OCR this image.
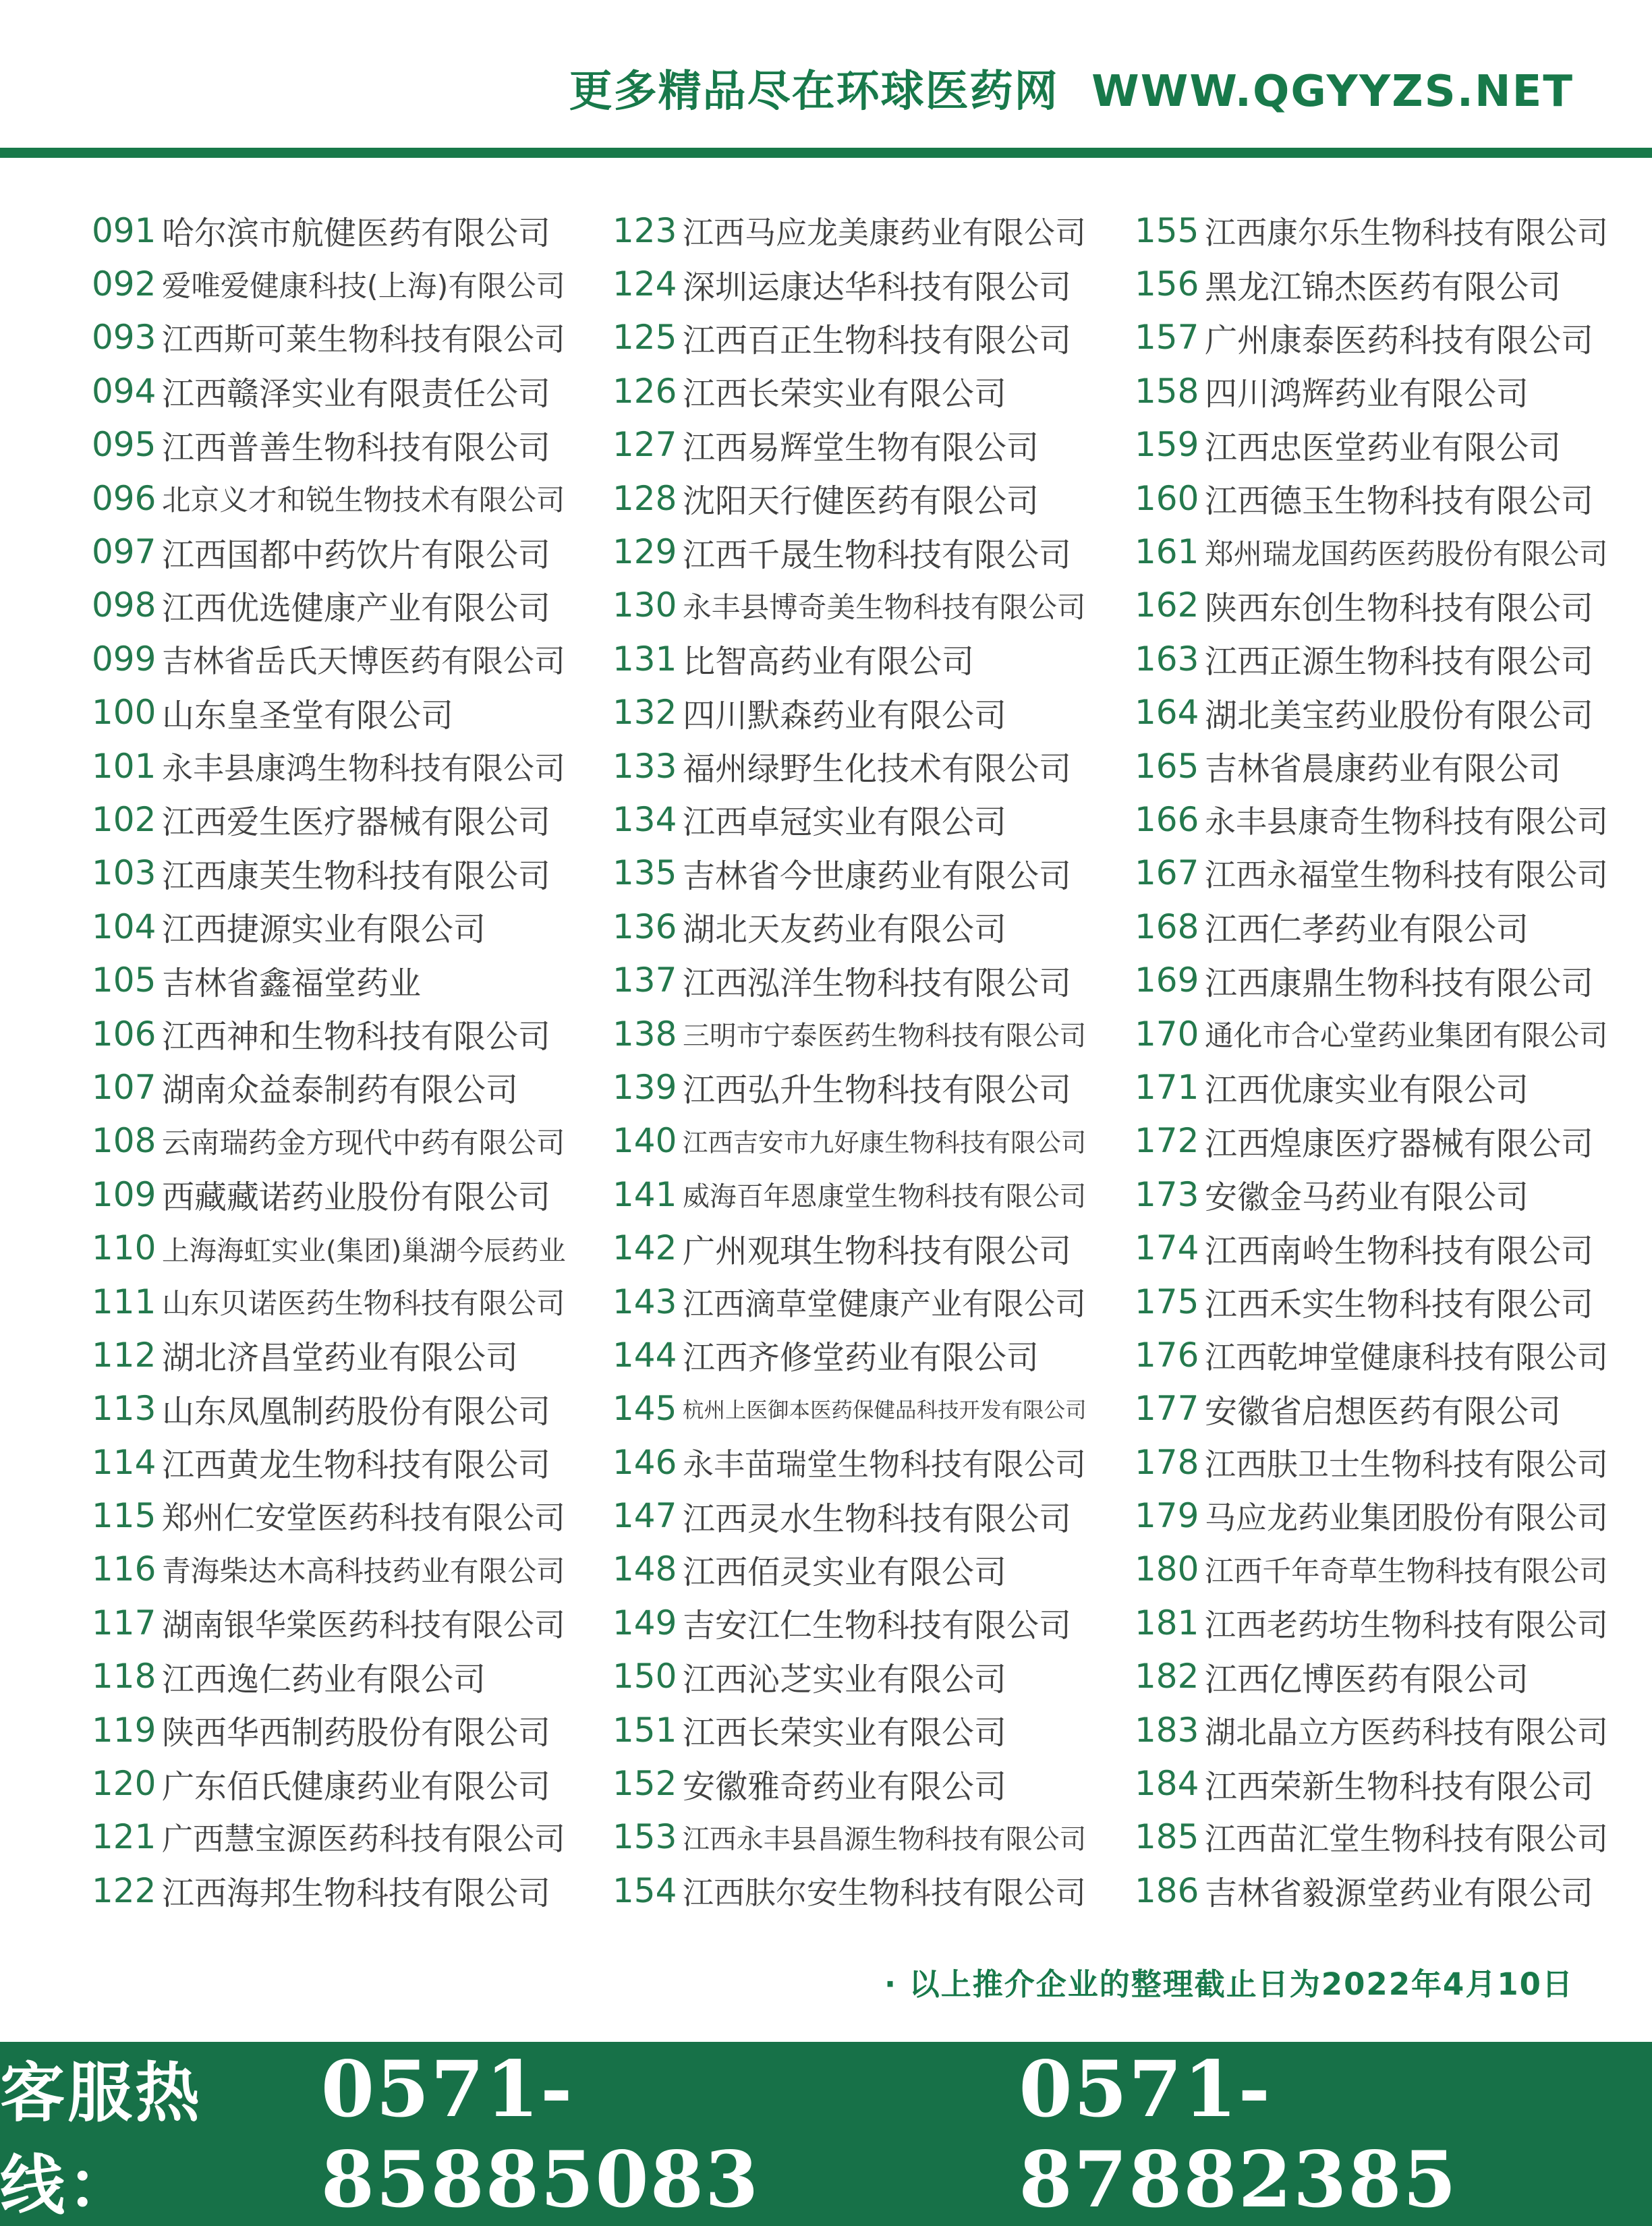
更多精品尽在环球医药网  WWW.QGYYZS.NET
091 哈尔滨市航健医药有限公司
092 爱唯爱健康科技(上海)有限公司
093 江西斯可莱生物科技有限公司
094 江西赣泽实业有限责任公司
095 江西普善生物科技有限公司
096 北京义才和锐生物技术有限公司
097 江西国都中药饮片有限公司
098 江西优选健康产业有限公司
099 吉林省岳氏天博医药有限公司
100 山东皇圣堂有限公司
101 永丰县康鸿生物科技有限公司
102 江西爱生医疗器械有限公司
103 江西康芙生物科技有限公司
104 江西捷源实业有限公司
105 吉林省鑫福堂药业
106 江西神和生物科技有限公司
107 湖南众益泰制药有限公司
108 云南瑞药金方现代中药有限公司
109 西藏藏诺药业股份有限公司
110 上海海虹实业(集团)巢湖今辰药业
111 山东贝诺医药生物科技有限公司
112 湖北济昌堂药业有限公司
113 山东凤凰制药股份有限公司
114 江西黄龙生物科技有限公司
115 郑州仁安堂医药科技有限公司
116 青海柴达木高科技药业有限公司
117 湖南银华棠医药科技有限公司
118 江西逸仁药业有限公司
119 陕西华西制药股份有限公司
120 广东佰氏健康药业有限公司
121 广西慧宝源医药科技有限公司
122 江西海邦生物科技有限公司
123 江西马应龙美康药业有限公司
124 深圳运康达华科技有限公司
125 江西百正生物科技有限公司
126 江西长荣实业有限公司
127 江西易辉堂生物有限公司
128 沈阳天行健医药有限公司
129 江西千晟生物科技有限公司
130 永丰县博奇美生物科技有限公司
131 比智高药业有限公司
132 四川默森药业有限公司
133 福州绿野生化技术有限公司
134 江西卓冠实业有限公司
135 吉林省今世康药业有限公司
136 湖北天友药业有限公司
137 江西泓洋生物科技有限公司
138 三明市宁泰医药生物科技有限公司
139 江西弘升生物科技有限公司
140 江西吉安市九好康生物科技有限公司
141 威海百年恩康堂生物科技有限公司
142 广州观琪生物科技有限公司
143 江西滴草堂健康产业有限公司
144 江西齐修堂药业有限公司
145 杭州上医御本医药保健品科技开发有限公司
146 永丰苗瑞堂生物科技有限公司
147 江西灵水生物科技有限公司
148 江西佰灵实业有限公司
149 吉安江仁生物科技有限公司
150 江西沁芝实业有限公司
151 江西长荣实业有限公司
152 安徽雅奇药业有限公司
153 江西永丰县昌源生物科技有限公司
154 江西肤尔安生物科技有限公司
155 江西康尔乐生物科技有限公司
156 黑龙江锦杰医药有限公司
157 广州康泰医药科技有限公司
158 四川鸿辉药业有限公司
159 江西忠医堂药业有限公司
160 江西德玉生物科技有限公司
161 郑州瑞龙国药医药股份有限公司
162 陕西东创生物科技有限公司
163 江西正源生物科技有限公司
164 湖北美宝药业股份有限公司
165 吉林省晨康药业有限公司
166 永丰县康奇生物科技有限公司
167 江西永福堂生物科技有限公司
168 江西仁孝药业有限公司
169 江西康鼎生物科技有限公司
170 通化市合心堂药业集团有限公司
171 江西优康实业有限公司
172 江西煌康医疗器械有限公司
173 安徽金马药业有限公司
174 江西南岭生物科技有限公司
175 江西禾实生物科技有限公司
176 江西乾坤堂健康科技有限公司
177 安徽省启想医药有限公司
178 江西肤卫士生物科技有限公司
179 马应龙药业集团股份有限公司
180 江西千年奇草生物科技有限公司
181 江西老药坊生物科技有限公司
182 江西亿博医药有限公司
183 湖北晶立方医药科技有限公司
184 江西荣新生物科技有限公司
185 江西苗汇堂生物科技有限公司
186 吉林省毅源堂药业有限公司
· 以上推介企业的整理截止日为2022年4月10日
客服热线：
0571-85885083
0571-87882385
